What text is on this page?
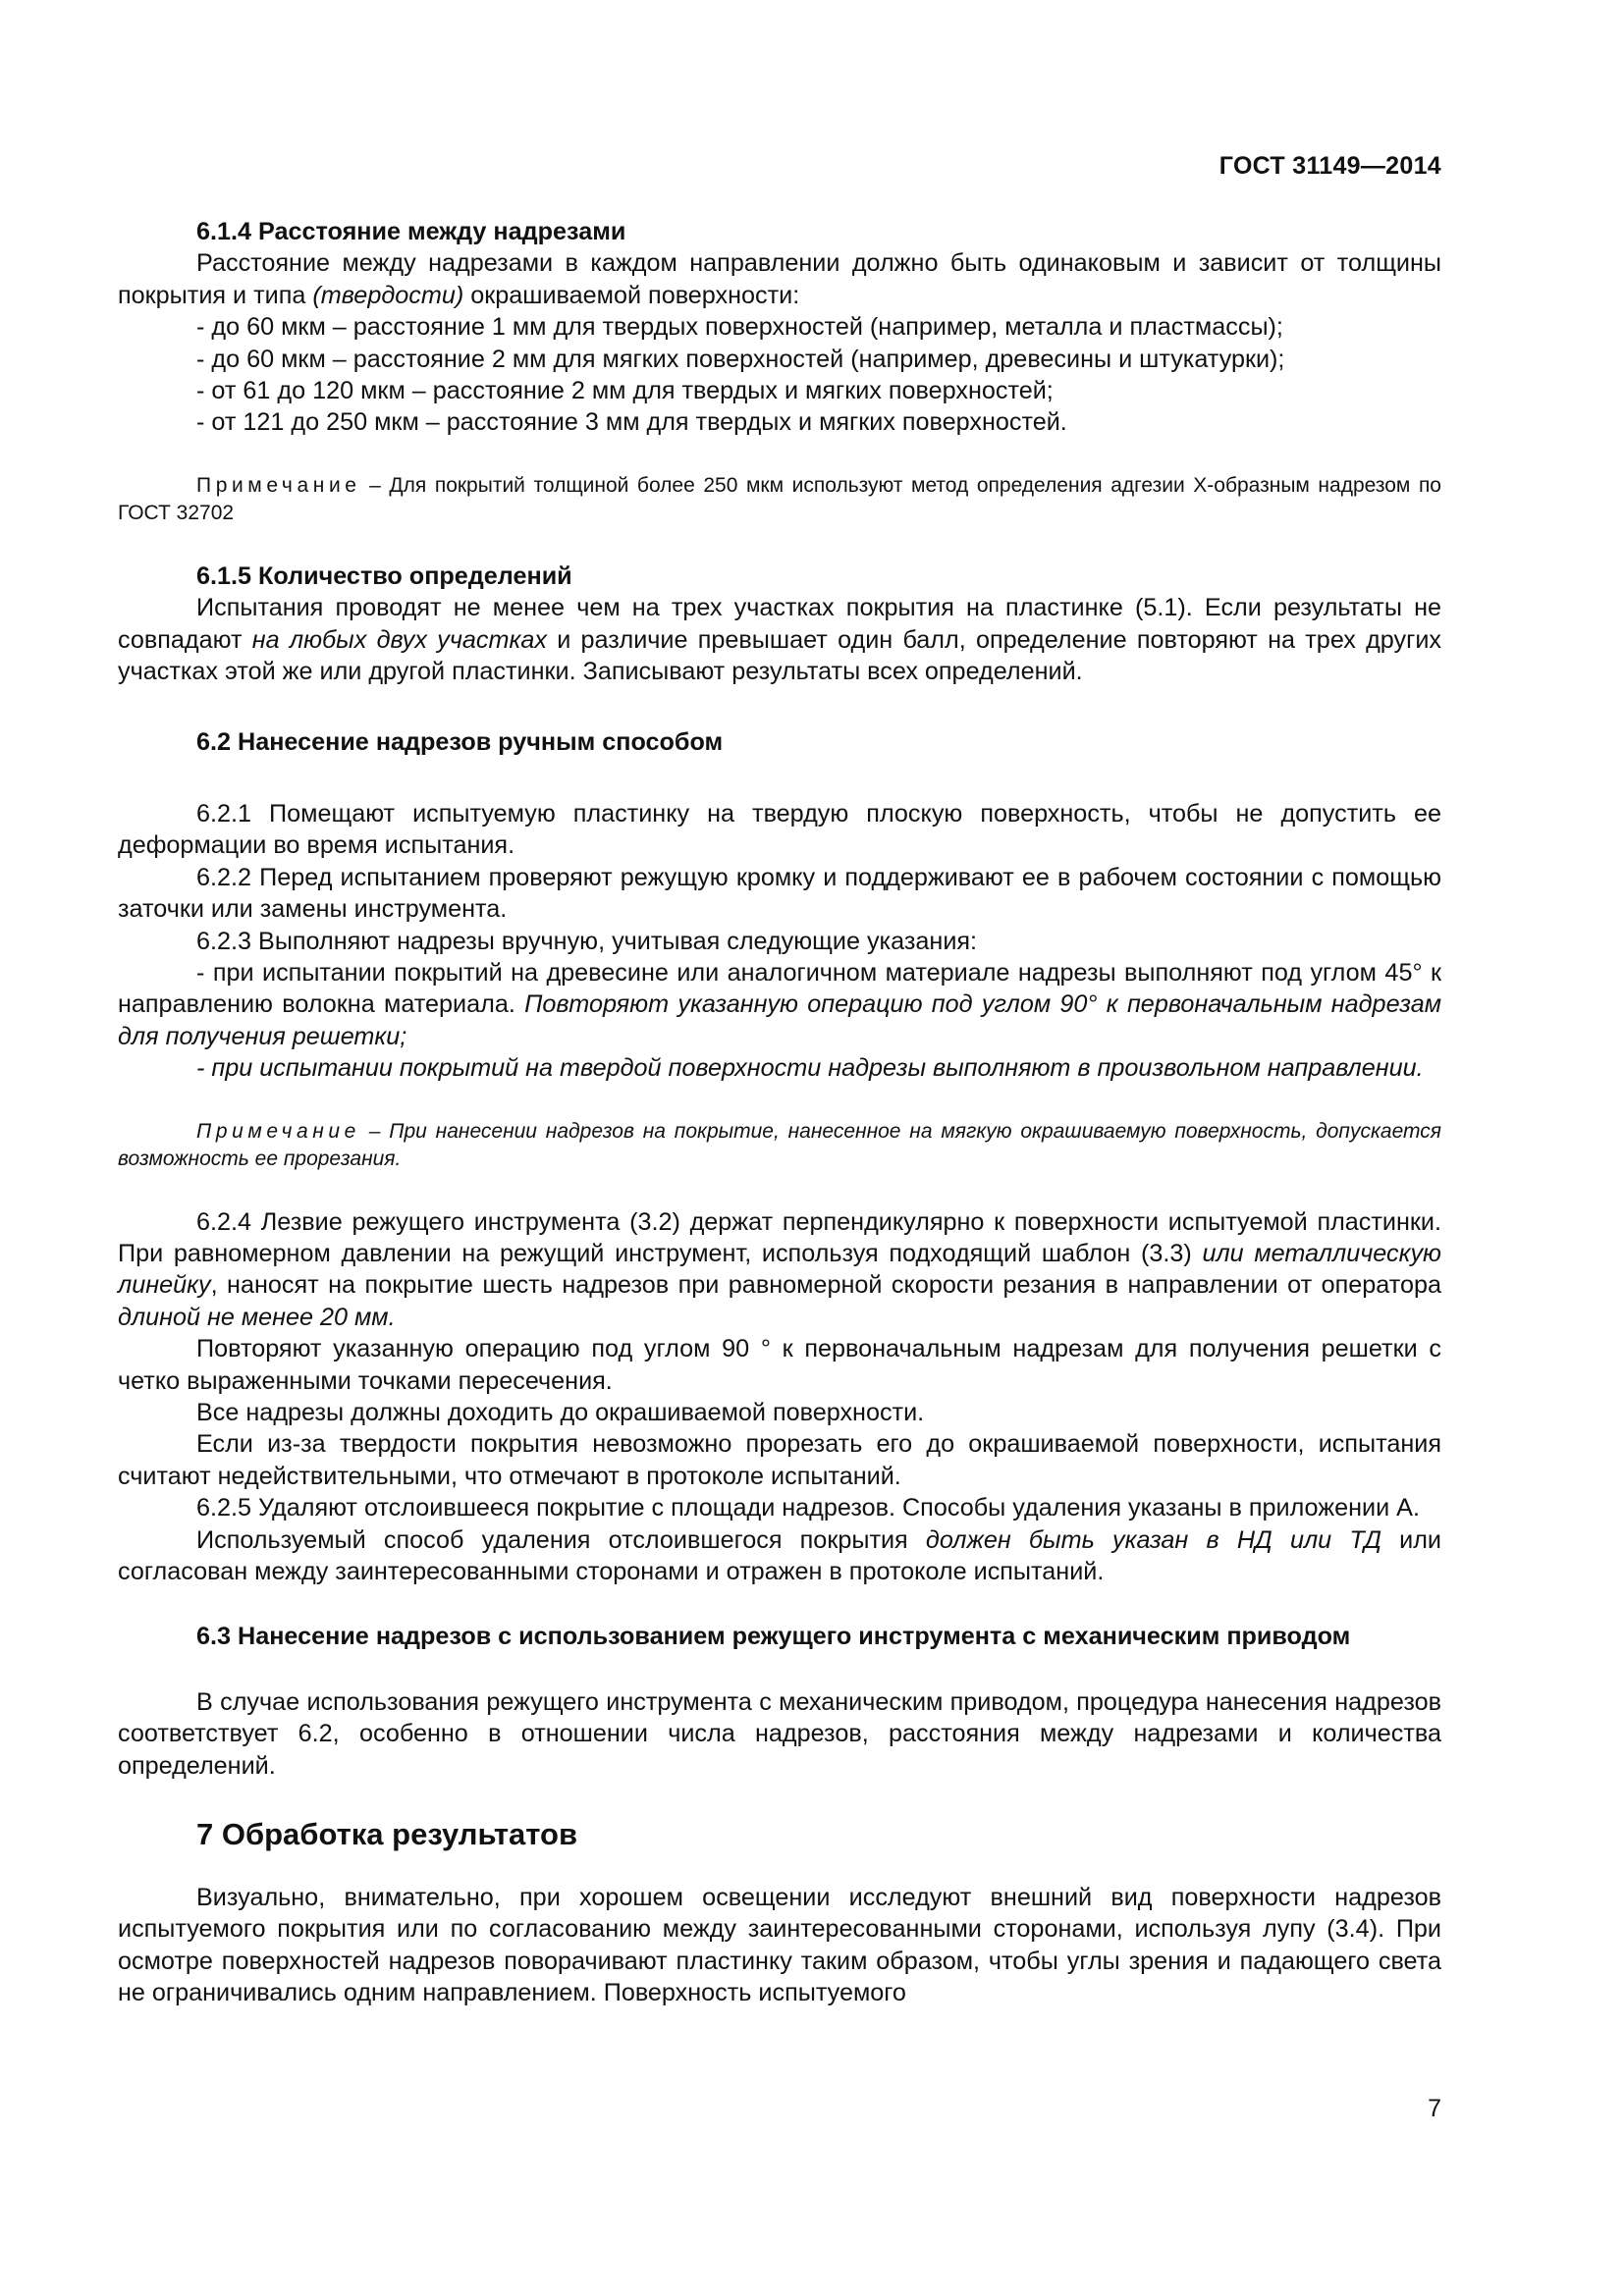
ГОСТ 31149—2014

6.1.4 Расстояние между надрезами

Расстояние между надрезами в каждом направлении должно быть одинаковым и зависит от толщины покрытия и типа (твердости) окрашиваемой поверхности:

- до 60 мкм – расстояние 1 мм для твердых поверхностей (например, металла и пластмассы);

- до 60 мкм – расстояние 2 мм для мягких поверхностей (например, древесины и штукатурки);

- от 61 до 120 мкм – расстояние 2 мм для твердых и мягких поверхностей;

- от 121 до 250 мкм – расстояние 3 мм для твердых и мягких поверхностей.

Примечание – Для покрытий толщиной более 250 мкм используют метод определения адгезии Х-образным надрезом по ГОСТ 32702

6.1.5 Количество определений

Испытания проводят не менее чем на трех участках покрытия на пластинке (5.1). Если результаты не совпадают на любых двух участках и различие превышает один балл, определение повторяют на трех других участках этой же или другой пластинки. Записывают результаты всех определений.

6.2 Нанесение надрезов ручным способом

6.2.1 Помещают испытуемую пластинку на твердую плоскую поверхность, чтобы не допустить ее деформации во время испытания.

6.2.2 Перед испытанием проверяют режущую кромку и поддерживают ее в рабочем состоянии с помощью заточки или замены инструмента.

6.2.3 Выполняют надрезы вручную, учитывая следующие указания:

- при испытании покрытий на древесине или аналогичном материале надрезы выполняют под углом 45° к направлению волокна материала. Повторяют указанную операцию под углом 90° к первоначальным надрезам для получения решетки;

- при испытании покрытий на твердой поверхности надрезы выполняют в произвольном направлении.

Примечание – При нанесении надрезов на покрытие, нанесенное на мягкую окрашиваемую поверхность, допускается возможность ее прорезания.

6.2.4 Лезвие режущего инструмента (3.2) держат перпендикулярно к поверхности испытуемой пластинки. При равномерном давлении на режущий инструмент, используя подходящий шаблон (3.3) или металлическую линейку, наносят на покрытие шесть надрезов при равномерной скорости резания в направлении от оператора длиной не менее 20 мм.

Повторяют указанную операцию под углом 90 ° к первоначальным надрезам для получения решетки с четко выраженными точками пересечения.

Все надрезы должны доходить до окрашиваемой поверхности.

Если из-за твердости покрытия невозможно прорезать его до окрашиваемой поверхности, испытания считают недействительными, что отмечают в протоколе испытаний.

6.2.5 Удаляют отслоившееся покрытие с площади надрезов. Способы удаления указаны в приложении А.

Используемый способ удаления отслоившегося покрытия должен быть указан в НД или ТД или согласован между заинтересованными сторонами и отражен в протоколе испытаний.

6.3 Нанесение надрезов с использованием режущего инструмента с механическим приводом

В случае использования режущего инструмента с механическим приводом, процедура нанесения надрезов соответствует 6.2, особенно в отношении числа надрезов, расстояния между надрезами и количества определений.

7 Обработка результатов

Визуально, внимательно, при хорошем освещении исследуют внешний вид поверхности надрезов испытуемого покрытия или по согласованию между заинтересованными сторонами, используя лупу (3.4). При осмотре поверхностей надрезов поворачивают пластинку таким образом, чтобы углы зрения и падающего света не ограничивались одним направлением. Поверхность испытуемого

7
